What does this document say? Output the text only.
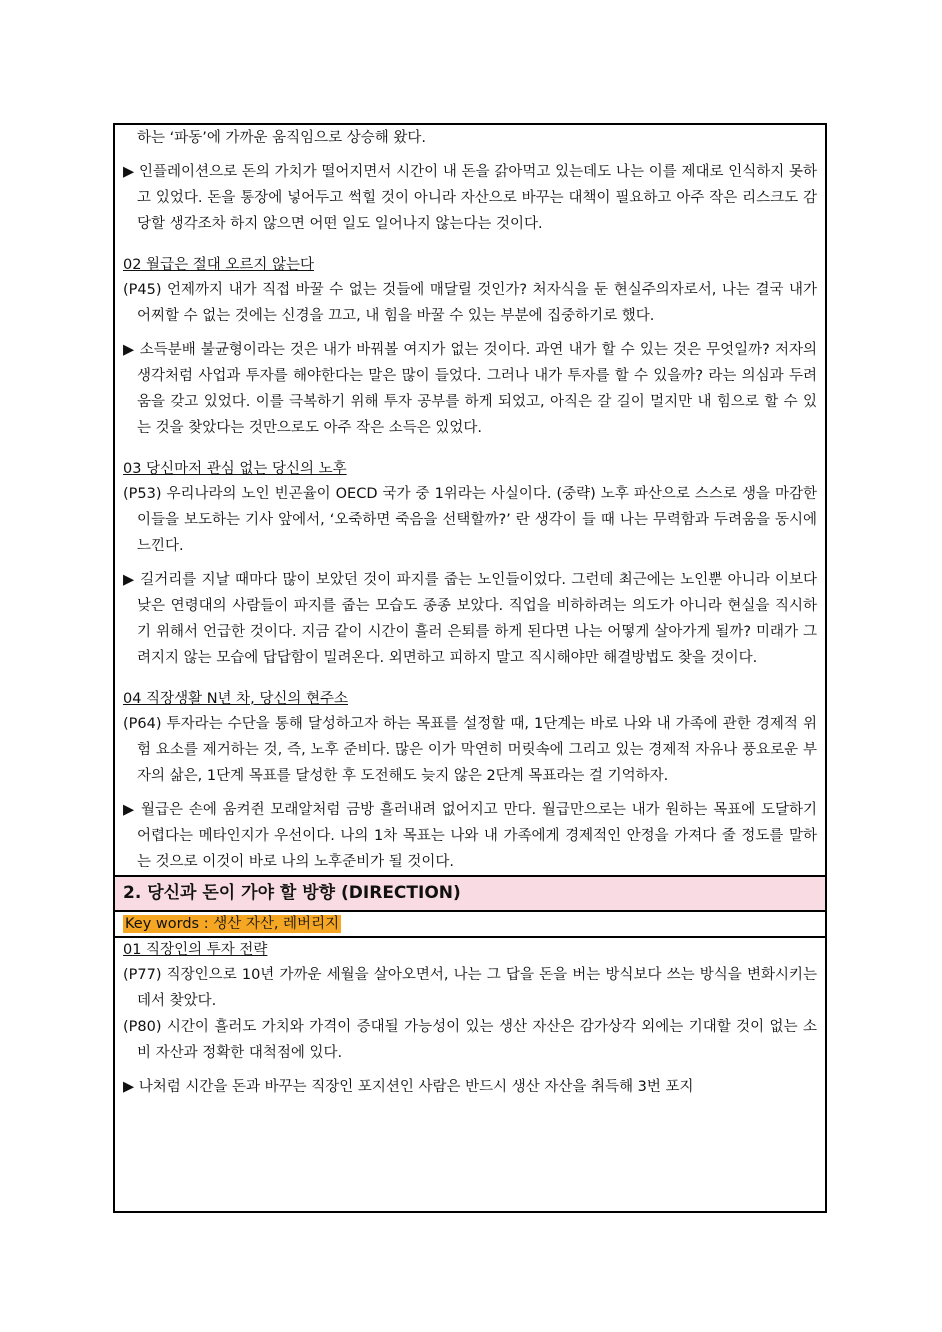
하는 ‘파동’에 가까운 움직임으로 상승해 왔다.

▶ 인플레이션으로 돈의 가치가 떨어지면서 시간이 내 돈을 갉아먹고 있는데도 나는 이를 제대로 인식하지 못하고 있었다. 돈을 통장에 넣어두고 썩힐 것이 아니라 자산으로 바꾸는 대책이 필요하고 아주 작은 리스크도 감당할 생각조차 하지 않으면 어떤 일도 일어나지 않는다는 것이다.

02 월급은 절대 오르지 않는다

(P45) 언제까지 내가 직접 바꿀 수 없는 것들에 매달릴 것인가? 처자식을 둔 현실주의자로서, 나는 결국 내가 어찌할 수 없는 것에는 신경을 끄고, 내 힘을 바꿀 수 있는 부분에 집중하기로 했다.

▶ 소득분배 불균형이라는 것은 내가 바꿔볼 여지가 없는 것이다. 과연 내가 할 수 있는 것은 무엇일까? 저자의 생각처럼 사업과 투자를 해야한다는 말은 많이 들었다. 그러나 내가 투자를 할 수 있을까? 라는 의심과 두려움을 갖고 있었다. 이를 극복하기 위해 투자 공부를 하게 되었고, 아직은 갈 길이 멀지만 내 힘으로 할 수 있는 것을 찾았다는 것만으로도 아주 작은 소득은 있었다.

03 당신마저 관심 없는 당신의 노후

(P53) 우리나라의 노인 빈곤율이 OECD 국가 중 1위라는 사실이다. (중략) 노후 파산으로 스스로 생을 마감한 이들을 보도하는 기사 앞에서, ‘오죽하면 죽음을 선택할까?’ 란 생각이 들 때 나는 무력함과 두려움을 동시에 느낀다.

▶ 길거리를 지날 때마다 많이 보았던 것이 파지를 줍는 노인들이었다. 그런데 최근에는 노인뿐 아니라 이보다 낮은 연령대의 사람들이 파지를 줍는 모습도 종종 보았다. 직업을 비하하려는 의도가 아니라 현실을 직시하기 위해서 언급한 것이다. 지금 같이 시간이 흘러 은퇴를 하게 된다면 나는 어떻게 살아가게 될까? 미래가 그려지지 않는 모습에 답답함이 밀려온다. 외면하고 피하지 말고 직시해야만 해결방법도 찾을 것이다.

04 직장생활 N년 차, 당신의 현주소

(P64) 투자라는 수단을 통해 달성하고자 하는 목표를 설정할 때, 1단계는 바로 나와 내 가족에 관한 경제적 위험 요소를 제거하는 것, 즉, 노후 준비다. 많은 이가 막연히 머릿속에 그리고 있는 경제적 자유나 풍요로운 부자의 삶은, 1단계 목표를 달성한 후 도전해도 늦지 않은 2단계 목표라는 걸 기억하자.

▶ 월급은 손에 움켜쥔 모래알처럼 금방 흘러내려 없어지고 만다. 월급만으로는 내가 원하는 목표에 도달하기 어렵다는 메타인지가 우선이다. 나의 1차 목표는 나와 내 가족에게 경제적인 안정을 가져다 줄 정도를 말하는 것으로 이것이 바로 나의 노후준비가 될 것이다.

2. 당신과 돈이 가야 할 방향 (DIRECTION)
Key words : 생산 자산, 레버리지

01 직장인의 투자 전략

(P77) 직장인으로 10년 가까운 세월을 살아오면서, 나는 그 답을 돈을 버는 방식보다 쓰는 방식을 변화시키는 데서 찾았다.

(P80) 시간이 흘러도 가치와 가격이 증대될 가능성이 있는 생산 자산은 감가상각 외에는 기대할 것이 없는 소비 자산과 정확한 대척점에 있다.

▶ 나처럼 시간을 돈과 바꾸는 직장인 포지션인 사람은 반드시 생산 자산을 취득해 3번 포지
